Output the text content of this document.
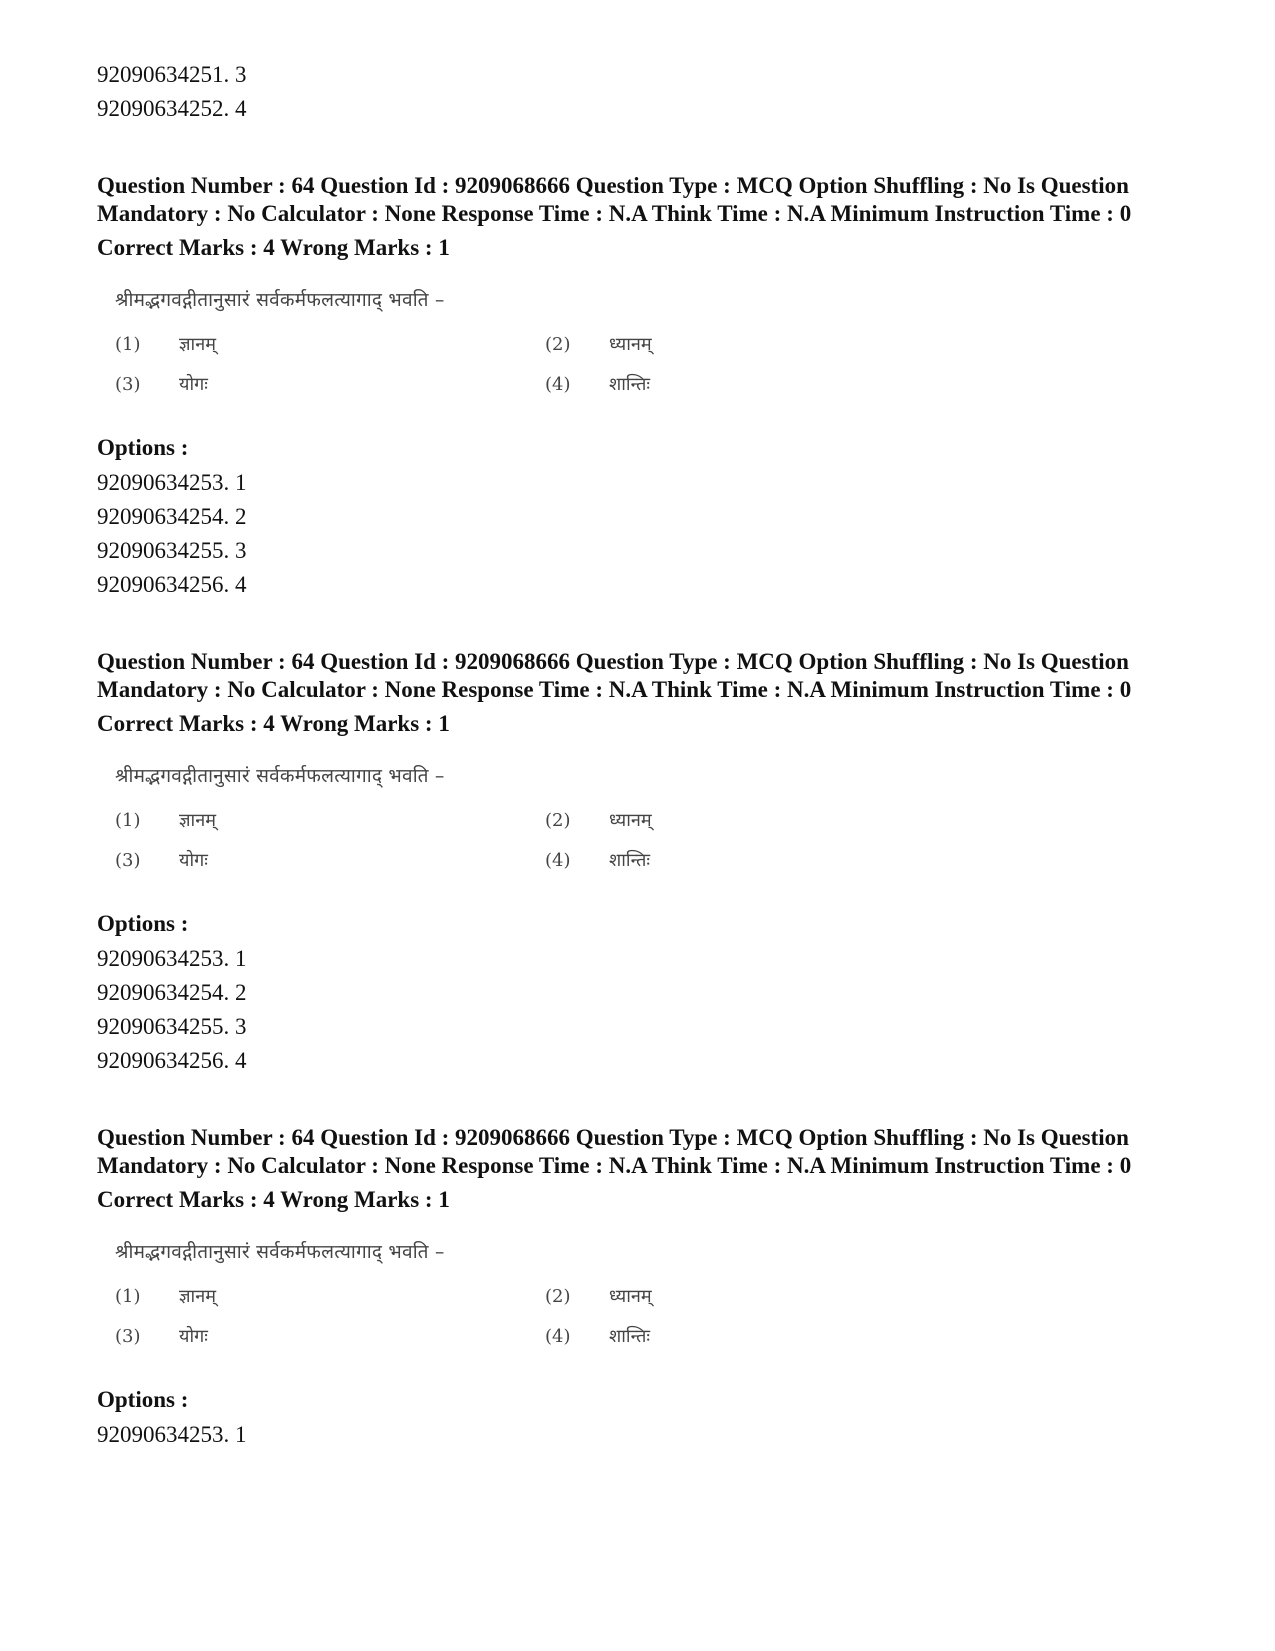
92090634251. 3

92090634252. 4

Question Number : 64 Question Id : 9209068666 Question Type : MCQ Option Shuffling : No Is Question Mandatory : No Calculator : None Response Time : N.A Think Time : N.A Minimum Instruction Time : 0

Correct Marks : 4 Wrong Marks : 1

श्रीमद्भगवद्गीतानुसारं सर्वकर्मफलत्यागाद् भवति –

(1)	ज्ञानम्	(2)	ध्यानम्
(3)	योगः	(4)	शान्तिः

Options :

92090634253. 1

92090634254. 2

92090634255. 3

92090634256. 4

Question Number : 64 Question Id : 9209068666 Question Type : MCQ Option Shuffling : No Is Question Mandatory : No Calculator : None Response Time : N.A Think Time : N.A Minimum Instruction Time : 0

Correct Marks : 4 Wrong Marks : 1

श्रीमद्भगवद्गीतानुसारं सर्वकर्मफलत्यागाद् भवति –

(1)	ज्ञानम्	(2)	ध्यानम्
(3)	योगः	(4)	शान्तिः

Options :

92090634253. 1

92090634254. 2

92090634255. 3

92090634256. 4

Question Number : 64 Question Id : 9209068666 Question Type : MCQ Option Shuffling : No Is Question Mandatory : No Calculator : None Response Time : N.A Think Time : N.A Minimum Instruction Time : 0

Correct Marks : 4 Wrong Marks : 1

श्रीमद्भगवद्गीतानुसारं सर्वकर्मफलत्यागाद् भवति –

(1)	ज्ञानम्	(2)	ध्यानम्
(3)	योगः	(4)	शान्तिः

Options :

92090634253. 1
